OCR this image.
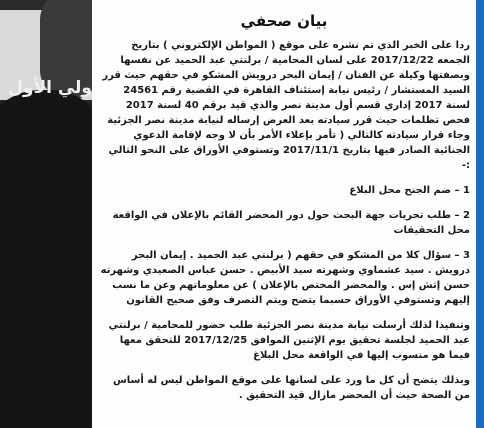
ولي الأول
بيان صحفي

ردا على الخبر الذي تم نشره على موقع ( المواطن الإلكتروني ) بتاريخ الجمعه 2017/12/22 على لسان المحامية / برلنتي عبد الحميد عن نفسها وبصفتها وكيلة عن الفنان / إيمان البحر درويش المشكو في حقهم حيث قرر السيد المستشار / رئيس نيابة إستئناف القاهرة في القضية رقم 24561 لسنة 2017 إداري قسم أول مدينة نصر والذي قيد برقم 40 لسنة 2017 فحص تظلمات حيث قرر سيادته بعد العرض إرساله لنيابة مدينة نصر الجزئية وجاء قرار سيادته كالتالي ( تأمر بإعلاء الأمر بأن لا وجه لإقامة الدعوي الجنائية الصادر فيها بتاريخ 2017/11/1 وتستوفي الأوراق على النحو التالي :-

1 – ضم الجنح محل البلاغ

2 – طلب تحريات جهة البحث حول دور المحضر القائم بالإعلان في الواقعة محل التحقيقات

3 – سؤال كلا من المشكو في حقهم ( برلنتي عبد الحميد . إيمان البحر درويش . سيد عشماوي وشهرته سيد الأبيض . حسن عباس الصعيدي وشهرته حسن إتش إس . والمحضر المختص بالإعلان ) عن معلوماتهم وعن ما نسب إليهم وتستوفي الأوراق حسبما يتضح ويتم التصرف وفق صحيح القانون

وتنفيذا لذلك أرسلت نيابة مدينة نصر الجزئية طلب حضور للمحامية / برلنتي عبد الحميد لجلسة تحقيق يوم الإثنين الموافق 2017/12/25 للتحقق معها فيما هو منسوب إليها في الواقعة محل البلاغ

وبذلك يتضح أن كل ما ورد على لسانها على موقع المواطن ليس له أساس من الصحة حيث أن المحضر مازال قيد التحقيق .
